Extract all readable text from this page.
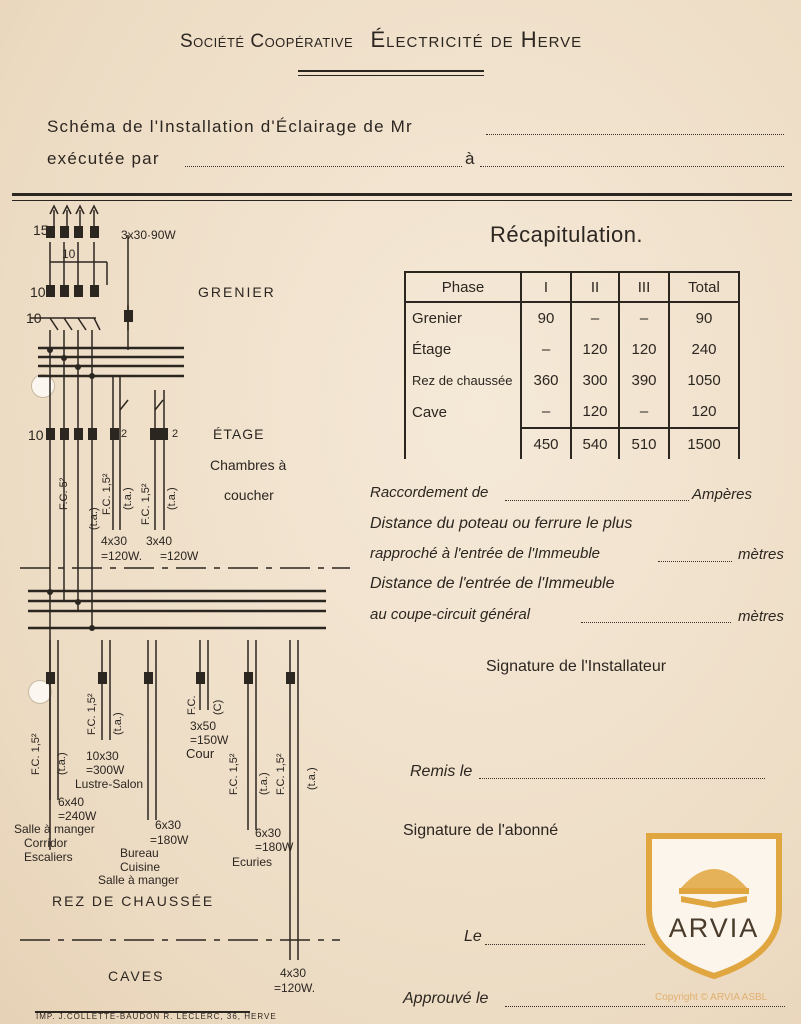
Société Coopérative Électricité de Herve
Schéma de l'Installation d'Éclairage de Mr
exécutée par	à
Récapitulation.
Phase	I	II	III	Total
Grenier	90	–	–	90
Étage	–	120	120	240
Rez de chaussée	360	300	390	1050
Cave	–	120	–	120
	450	540	510	1500
Raccordement de	Ampères
Distance du poteau ou ferrure le plus
rapproché à l'entrée de l'Immeuble	mètres
Distance de l'entrée de l'Immeuble
au coupe-circuit général	mètres
Signature de l'Installateur
Remis le
Signature de l'abonné
Le
Approuvé le
15
10
10
10
10
3x30·90W
GRENIER
ÉTAGE
Chambres à
coucher
2	2
4x30
=120W.
3x40
=120W
6x40
=240W
Salle à manger
Corridor
Escaliers
10x30
=300W
Lustre-Salon
6x30
=180W
Bureau
Cuisine
Salle à manger
3x50
=150W
Cour
6x30
=180W
Ecuries
REZ DE CHAUSSÉE
CAVES	4x30
=120W.
F.C. 5²	F.C. 1,5² F.C. 1,5²
(t.a.)
(t.a.)	(t.a.)
F.C. 1,5² (t.a.)
F.C. 1,5² (t.a.)
F.C. (C)
F.C. 1,5² (t.a.) F.C. 1,5² (t.a.)
IMP. J.COLLETTE-BAUDON R. LECLERC, 36, HERVE
ARVIA
Copyright © ARVIA ASBL
